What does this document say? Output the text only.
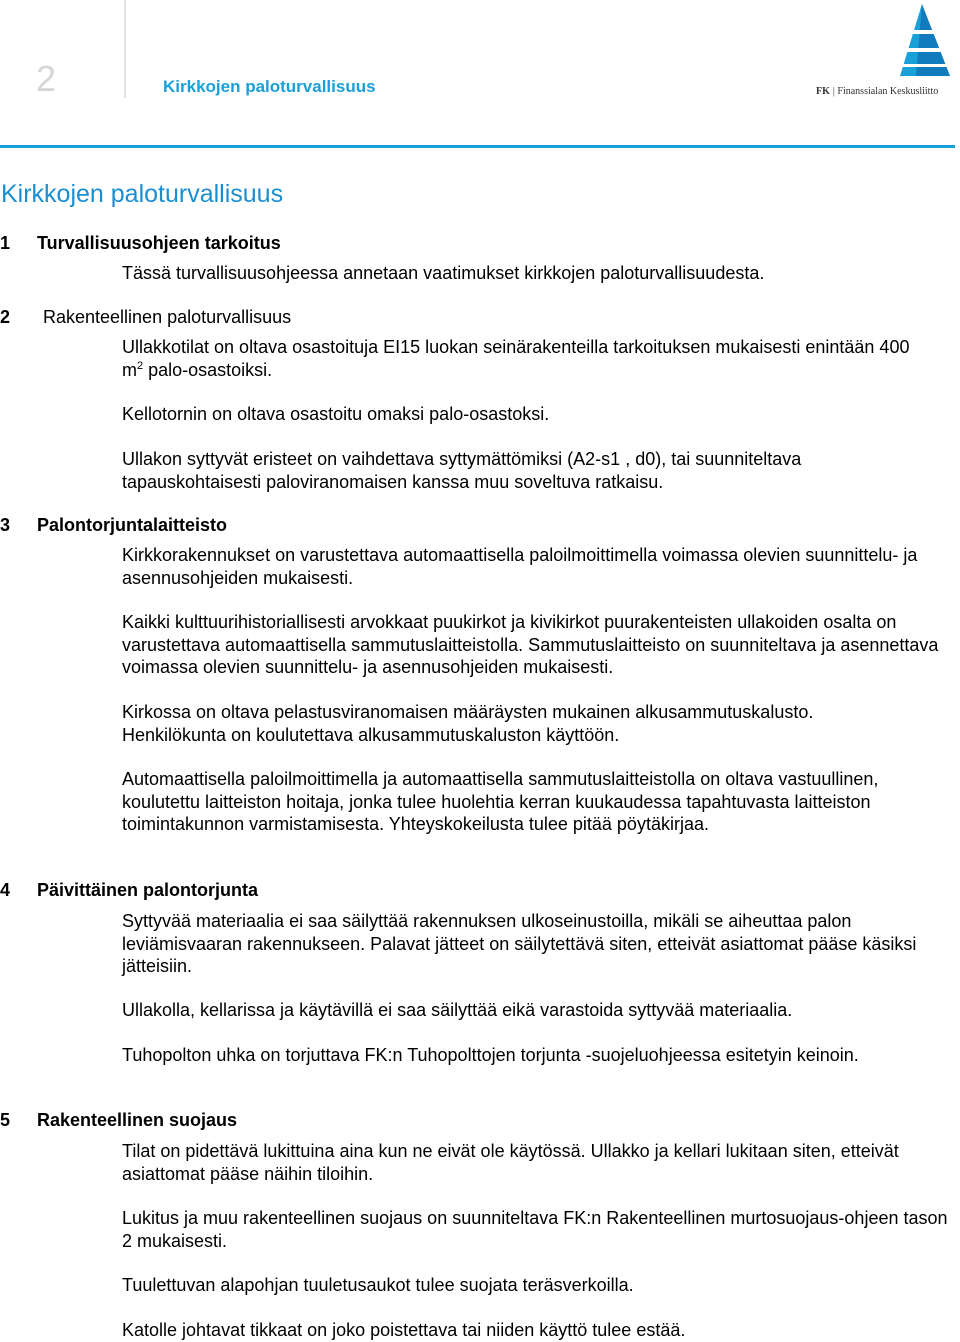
2	Kirkkojen paloturvallisuus	FK | Finanssialan Keskusliitto
Kirkkojen paloturvallisuus
1 Turvallisuusohjeen tarkoitus

Tässä turvallisuusohjeessa annetaan vaatimukset kirkkojen paloturvallisuudesta.

2 Rakenteellinen paloturvallisuus

Ullakkotilat on oltava osastoituja EI15 luokan seinärakenteilla tarkoituksen mukaisesti enintään 400 $m^2$ palo-osastoiksi.

Kellotornin on oltava osastoitu omaksi palo-osastoksi.

Ullakon syttyvät eristeet on vaihdettava syttymättömiksi (A2-s1 , d0), tai suunniteltava tapauskohtaisesti paloviranomaisen kanssa muu soveltuva ratkaisu.

3 Palontorjuntalaitteisto

Kirkkorakennukset on varustettava automaattisella paloilmoittimella voimassa olevien suunnittelu- ja asennusohjeiden mukaisesti.

Kaikki kulttuurihistoriallisesti arvokkaat puukirkot ja kivikirkot puurakenteisten ullakoiden osalta on varustettava automaattisella sammutuslaitteistolla. Sammutuslaitteisto on suunniteltava ja asennettava voimassa olevien suunnittelu- ja asennusohjeiden mukaisesti.

Kirkossa on oltava pelastusviranomaisen määräysten mukainen alkusammutuskalusto. Henkilökunta on koulutettava alkusammutuskaluston käyttöön.

Automaattisella paloilmoittimella ja automaattisella sammutuslaitteistolla on oltava vastuullinen, koulutettu laitteiston hoitaja, jonka tulee huolehtia kerran kuukaudessa tapahtuvasta laitteiston toimintakunnon varmistamisesta. Yhteyskokeilusta tulee pitää pöytäkirjaa.

4 Päivittäinen palontorjunta

Syttyvää materiaalia ei saa säilyttää rakennuksen ulkoseinustoilla, mikäli se aiheuttaa palon leviämisvaaran rakennukseen. Palavat jätteet on säilytettävä siten, etteivät asiattomat pääse käsiksi jätteisiin.

Ullakolla, kellarissa ja käytävillä ei saa säilyttää eikä varastoida syttyvää materiaalia.

Tuhopolton uhka on torjuttava FK:n Tuhopolttojen torjunta -suojeluohjeessa esitetyin keinoin.

5 Rakenteellinen suojaus

Tilat on pidettävä lukittuina aina kun ne eivät ole käytössä. Ullakko ja kellari lukitaan siten, etteivät asiattomat pääse näihin tiloihin.

Lukitus ja muu rakenteellinen suojaus on suunniteltava FK:n Rakenteellinen murtosuojaus-ohjeen tason 2 mukaisesti.

Tuulettuvan alapohjan tuuletusaukot tulee suojata teräsverkoilla.

Katolle johtavat tikkaat on joko poistettava tai niiden käyttö tulee estää.
